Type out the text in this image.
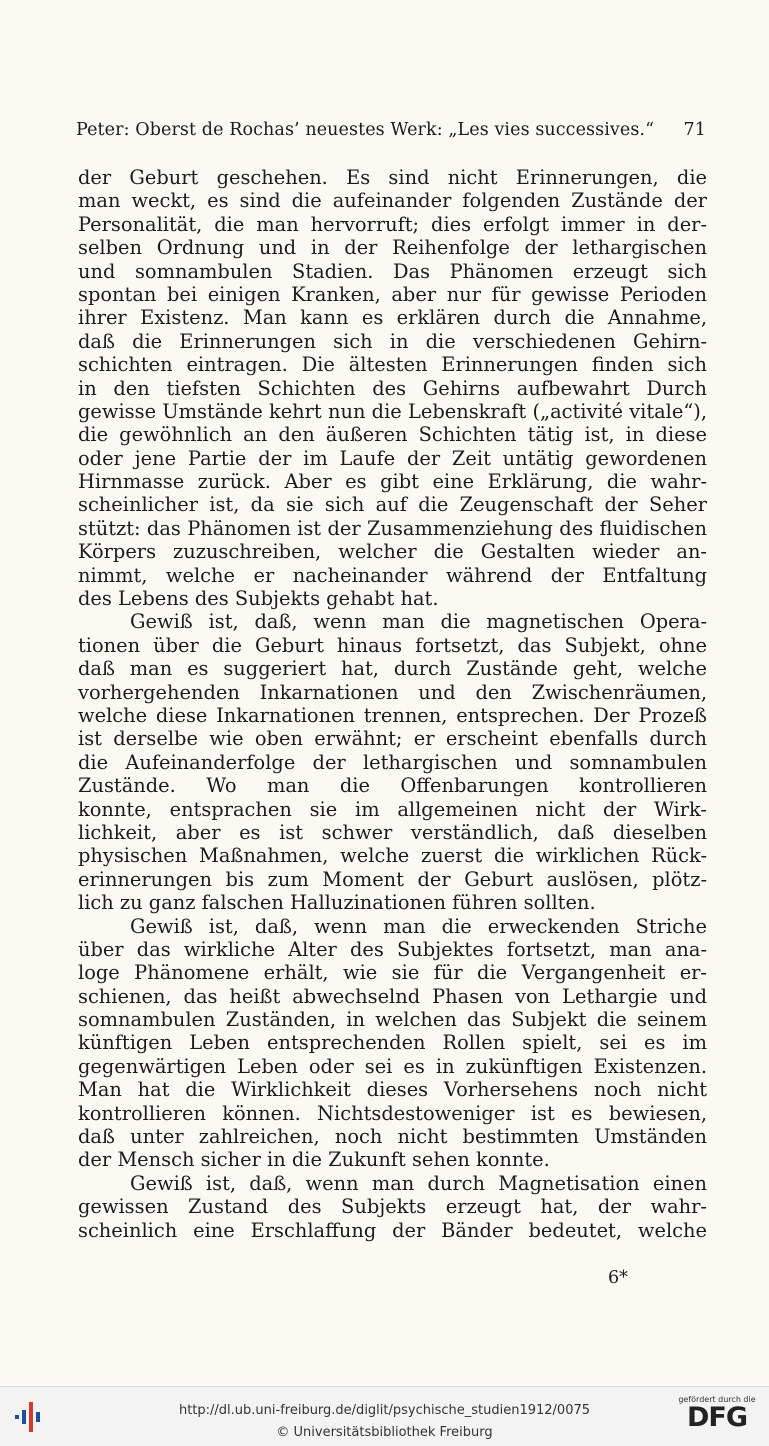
Peter: Oberst de Rochas’ neuestes Werk: „Les vies successives.“ 71
der Geburt geschehen. Es sind nicht Erinnerungen, die
man weckt, es sind die aufeinander folgenden Zustände der
Personalität, die man hervorruft; dies erfolgt immer in der-
selben Ordnung und in der Reihenfolge der lethargischen
und somnambulen Stadien. Das Phänomen erzeugt sich
spontan bei einigen Kranken, aber nur für gewisse Perioden
ihrer Existenz. Man kann es erklären durch die Annahme,
daß die Erinnerungen sich in die verschiedenen Gehirn-
schichten eintragen. Die ältesten Erinnerungen finden sich
in den tiefsten Schichten des Gehirns aufbewahrt Durch
gewisse Umstände kehrt nun die Lebenskraft („activité vitale“),
die gewöhnlich an den äußeren Schichten tätig ist, in diese
oder jene Partie der im Laufe der Zeit untätig gewordenen
Hirnmasse zurück. Aber es gibt eine Erklärung, die wahr-
scheinlicher ist, da sie sich auf die Zeugenschaft der Seher
stützt: das Phänomen ist der Zusammenziehung des fluidischen
Körpers zuzuschreiben, welcher die Gestalten wieder an-
nimmt, welche er nacheinander während der Entfaltung
des Lebens des Subjekts gehabt hat.
Gewiß ist, daß, wenn man die magnetischen Opera-
tionen über die Geburt hinaus fortsetzt, das Subjekt, ohne
daß man es suggeriert hat, durch Zustände geht, welche
vorhergehenden Inkarnationen und den Zwischenräumen,
welche diese Inkarnationen trennen, entsprechen. Der Prozeß
ist derselbe wie oben erwähnt; er erscheint ebenfalls durch
die Aufeinanderfolge der lethargischen und somnambulen
Zustände. Wo man die Offenbarungen kontrollieren
konnte, entsprachen sie im allgemeinen nicht der Wirk-
lichkeit, aber es ist schwer verständlich, daß dieselben
physischen Maßnahmen, welche zuerst die wirklichen Rück-
erinnerungen bis zum Moment der Geburt auslösen, plötz-
lich zu ganz falschen Halluzinationen führen sollten.
Gewiß ist, daß, wenn man die erweckenden Striche
über das wirkliche Alter des Subjektes fortsetzt, man ana-
loge Phänomene erhält, wie sie für die Vergangenheit er-
schienen, das heißt abwechselnd Phasen von Lethargie und
somnambulen Zuständen, in welchen das Subjekt die seinem
künftigen Leben entsprechenden Rollen spielt, sei es im
gegenwärtigen Leben oder sei es in zukünftigen Existenzen.
Man hat die Wirklichkeit dieses Vorhersehens noch nicht
kontrollieren können. Nichtsdestoweniger ist es bewiesen,
daß unter zahlreichen, noch nicht bestimmten Umständen
der Mensch sicher in die Zukunft sehen konnte.
Gewiß ist, daß, wenn man durch Magnetisation einen
gewissen Zustand des Subjekts erzeugt hat, der wahr-
scheinlich eine Erschlaffung der Bänder bedeutet, welche
6*
http://dl.ub.uni-freiburg.de/diglit/psychische_studien1912/0075
© Universitätsbibliothek Freiburg
gefördert durch die
DFG
